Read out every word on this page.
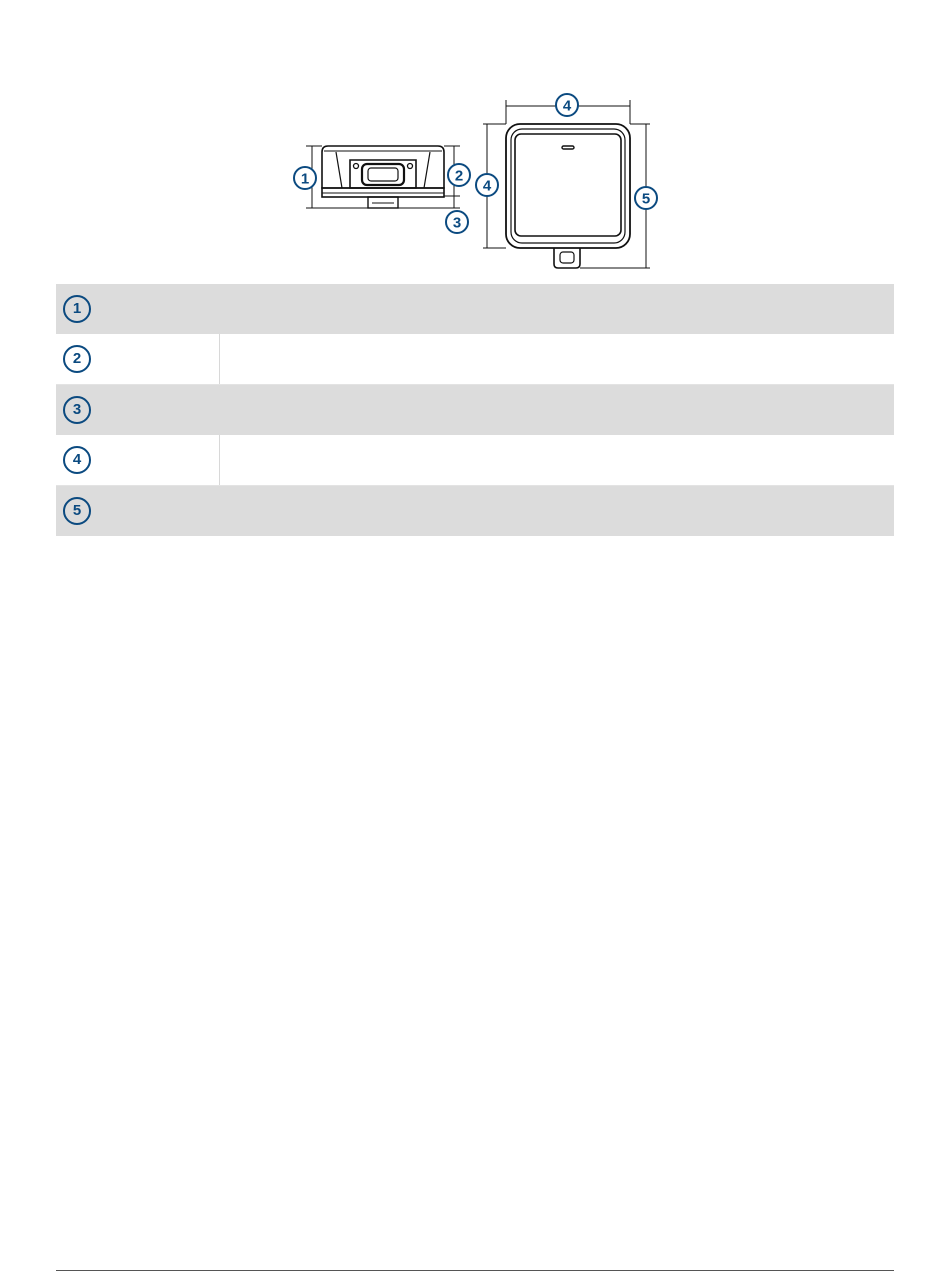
1	2
3
4
4
5
1	
2	
3	
4	
5	
